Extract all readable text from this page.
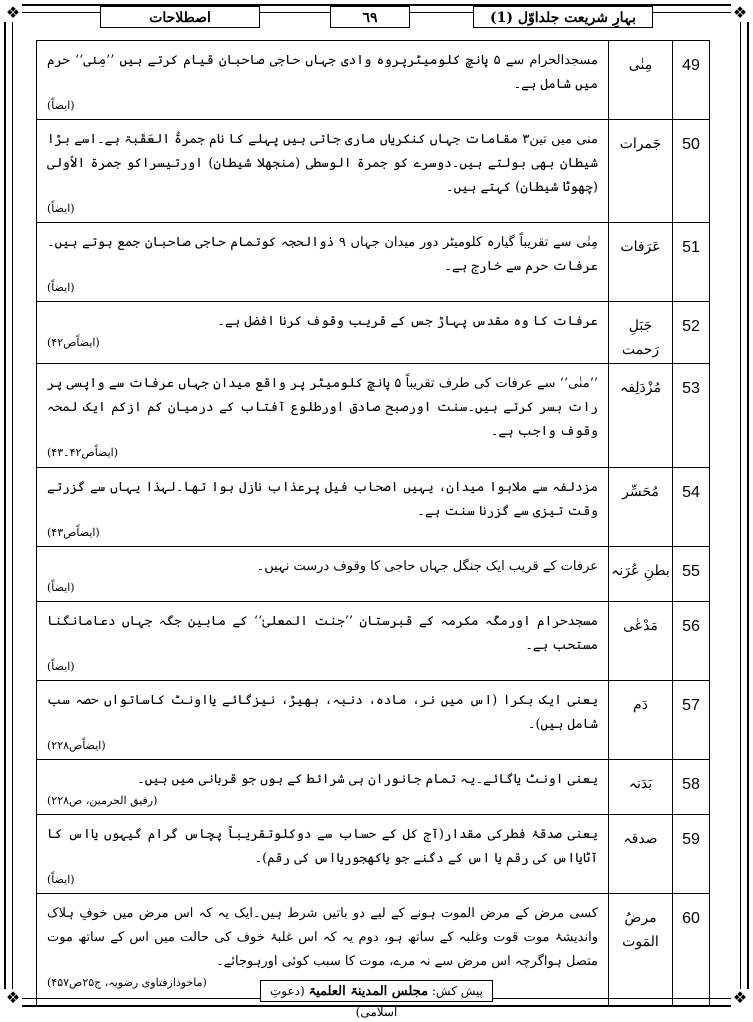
❖	❖
❖	❖
بہارِ شریعت جلداوّل (1)
٦٩
اصطلاحات
49	مِنٰی	مسجدالحرام سے ۵ پانچ کلومیٹرپروہ وادی جہاں حاجی صاحبان قیام کرتے ہیں ’’مِنٰی‘‘ حرم میں شامل ہے۔
(ایضاً)

50	جَمرات	منی میں تین۳ مقامات جہاں کنکریاں ماری جاتی ہیں پہلے کا نام جمرۃُ العَقَبۃ ہے۔اسے بڑا شیطان بھی بولتے ہیں۔دوسرے کو جمرۃ الوسطی (منجھلا شیطان) اورتیسراکو جمرۃ الاُولی (چھوٹا شیطان) کہتے ہیں۔
(ایضاً)

51	عَرَفات	مِنٰی سے تقریباً گیارہ کلومیٹر دور میدان جہاں ۹ ذوالحجہ کوتمام حاجی صاحبان جمع ہوتے ہیں۔عرفات حرم سے خارج ہے۔
(ایضاً)

52	جَبَلِ رَحمت	عرفات کا وہ مقدس پہاڑ جس کے قریب وقوف کرنا افضل ہے۔
(ایضاًص۴۲)

53	مُزْدَلِفہ	’’منٰی‘‘ سے عرفات کی طرف تقریباً ۵ پانچ کلومیٹر پر واقع میدان جہاں عرفات سے واپسی پر رات بسر کرتے ہیں۔سنت اورصبح صادق اورطلوع آفتاب کے درمیان کم ازکم ایک لمحہ وقوف واجب ہے۔
(ایضاًص۴۲۔۴۳)

54	مُحَسِّر	مزدلفہ سے ملاہوا میدان، یہیں اصحاب فیل پرعذاب نازل ہوا تھا۔لہذا یہاں سے گزرتے وقت تیزی سے گزرنا سنت ہے۔
(ایضاًص۴۳)

55	بطنِ عُرَنہ	عرفات کے قریب ایک جنگل جہاں حاجی کا وقوف درست نہیں۔
(ایضاً)

56	مَدْعٰی	مسجدحرام اورمکّہ مکرمہ کے قبرستان ’’جنت المعلیٰ‘‘ کے مابین جگہ جہاں دعامانگنا مستحب ہے۔
(ایضاً)

57	دَم	یعنی ایک بکرا (اس میں نر، مادہ، دنبہ، بھیڑ، نیزگائے یااونٹ کاساتواں حصہ سب شامل ہیں)۔
(ایضاًص۲۲۸)

58	بَدَنہ	یعنی اونٹ یاگائے۔یہ تمام جانوران ہی شرائط کے ہوں جو قربانی میں ہیں۔
(رفیق الحرمین، ص۲۲۸)

59	صدقہ	یعنی صدقۂ فطرکی مقدار(آج کل کے حساب سے دوکلوتقریباً پچاس گرام گیہوں یااس کا آٹایااس کی رقم یا اس کے دگنے جو یاکھجوریااس کی رقم)۔
(ایضاً)

60	مرضُ المَوت	کسی مرض کے مرض الموت ہونے کے لیے دو باتیں شرط ہیں۔ایک یہ کہ اس مرض میں خوفِ ہلاک واندیشۂ موت قوت وغلبہ کے ساتھ ہو، دوم یہ کہ اس غلبۂ خوف کی حالت میں اس کے ساتھ موت متصل ہواگرچہ اس مرض سے نہ مرے، موت کا سبب کوئی اورہوجائے۔
(ماخوذازفتاوی رضویہ، ج۲۵ص۴۵۷)
پیش کش: مجلس المدینۃ العلمیۃ (دعوتِ اسلامی)
